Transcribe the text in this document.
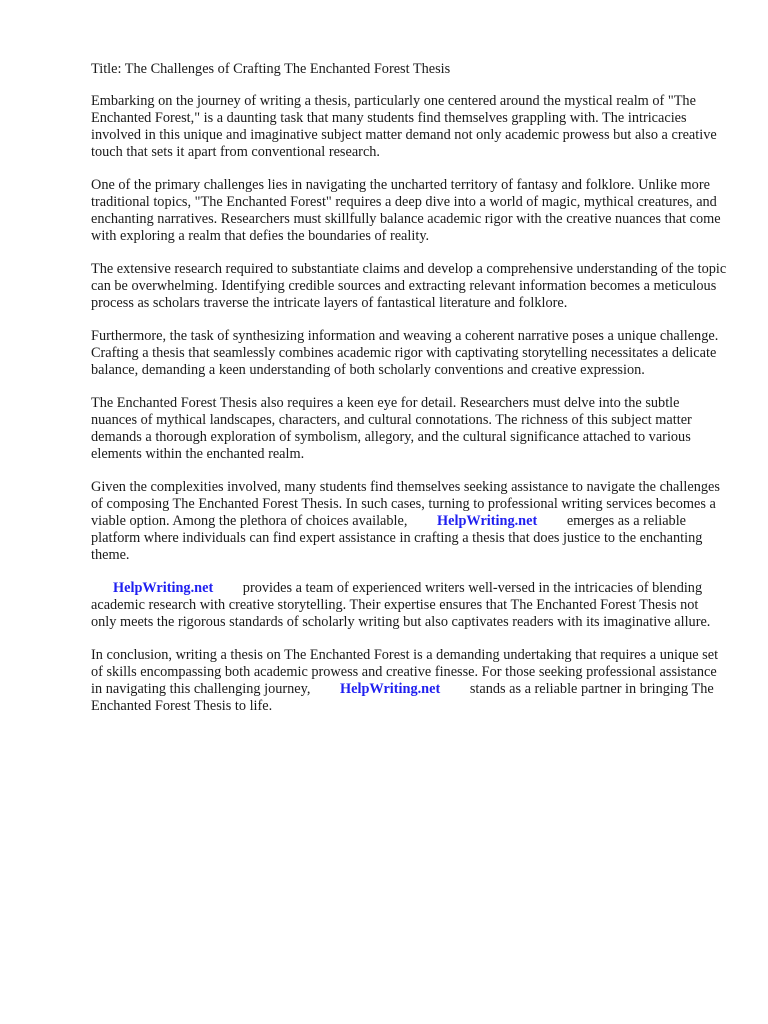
Title: The Challenges of Crafting The Enchanted Forest Thesis

Embarking on the journey of writing a thesis, particularly one centered around the mystical realm of "The Enchanted Forest," is a daunting task that many students find themselves grappling with. The intricacies involved in this unique and imaginative subject matter demand not only academic prowess but also a creative touch that sets it apart from conventional research.

One of the primary challenges lies in navigating the uncharted territory of fantasy and folklore. Unlike more traditional topics, "The Enchanted Forest" requires a deep dive into a world of magic, mythical creatures, and enchanting narratives. Researchers must skillfully balance academic rigor with the creative nuances that come with exploring a realm that defies the boundaries of reality.

The extensive research required to substantiate claims and develop a comprehensive understanding of the topic can be overwhelming. Identifying credible sources and extracting relevant information becomes a meticulous process as scholars traverse the intricate layers of fantastical literature and folklore.

Furthermore, the task of synthesizing information and weaving a coherent narrative poses a unique challenge. Crafting a thesis that seamlessly combines academic rigor with captivating storytelling necessitates a delicate balance, demanding a keen understanding of both scholarly conventions and creative expression.

The Enchanted Forest Thesis also requires a keen eye for detail. Researchers must delve into the subtle nuances of mythical landscapes, characters, and cultural connotations. The richness of this subject matter demands a thorough exploration of symbolism, allegory, and the cultural significance attached to various elements within the enchanted realm.

Given the complexities involved, many students find themselves seeking assistance to navigate the challenges of composing The Enchanted Forest Thesis. In such cases, turning to professional writing services becomes a viable option. Among the plethora of choices available, HelpWriting.net emerges as a reliable platform where individuals can find expert assistance in crafting a thesis that does justice to the enchanting theme.

HelpWriting.net provides a team of experienced writers well-versed in the intricacies of blending academic research with creative storytelling. Their expertise ensures that The Enchanted Forest Thesis not only meets the rigorous standards of scholarly writing but also captivates readers with its imaginative allure.

In conclusion, writing a thesis on The Enchanted Forest is a demanding undertaking that requires a unique set of skills encompassing both academic prowess and creative finesse. For those seeking professional assistance in navigating this challenging journey, HelpWriting.net stands as a reliable partner in bringing The Enchanted Forest Thesis to life.
